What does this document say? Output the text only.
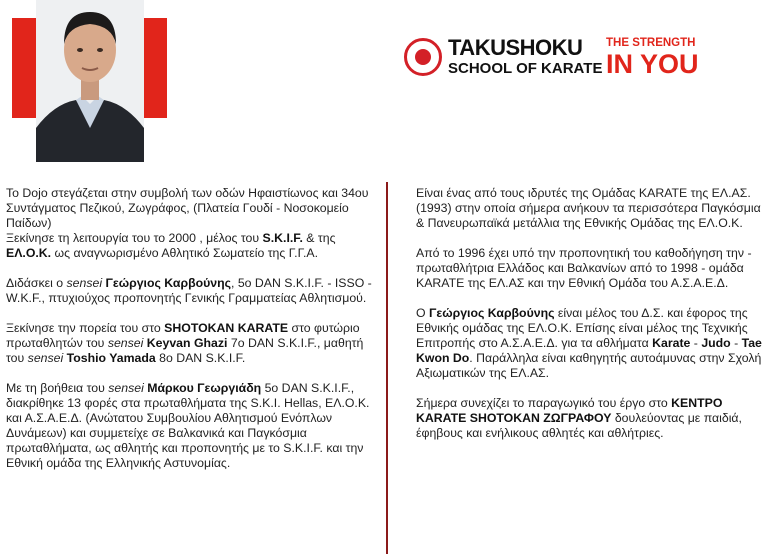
TAKUSHOKU
SCHOOL OF KARATE
THE STRENGTH
IN YOU

Το Dojo στεγάζεται στην συμβολή των οδών Ηφαιστίωνος και 34ου Συντάγματος Πεζικού, Ζωγράφος, (Πλατεία Γουδί - Νοσοκομείο Παίδων)
Ξεκίνησε τη λειτουργία του το 2000 , μέλος του S.K.I.F. & της ΕΛ.Ο.Κ. ως αναγνωρισμένο Αθλητικό Σωματείο της Γ.Γ.Α.

Διδάσκει ο sensei Γεώργιος Καρβούνης, 5ο DAN S.K.I.F. - ISSO - W.K.F., πτυχιούχος προπονητής Γενικής Γραμματείας Αθλητισμού.

Ξεκίνησε την πορεία του στο SHOTOKAN KARATE στο φυτώριο πρωταθλητών του sensei Keyvan Ghazi 7ο DAN S.K.I.F., μαθητή του sensei Toshio Yamada 8ο DAN S.K.I.F.

Με τη βοήθεια του sensei Μάρκου Γεωργιάδη 5ο DAN S.K.I.F., διακρίθηκε 13 φορές στα πρωταθλήματα της S.K.I. Hellas, ΕΛ.Ο.Κ. και Α.Σ.Α.Ε.Δ. (Ανώτατου Συμβουλίου Αθλητισμού Ενόπλων Δυνάμεων) και συμμετείχε σε Βαλκανικά και Παγκόσμια πρωταθλήματα, ως αθλητής και προπονητής με το S.K.I.F. και την Εθνική ομάδα της Ελληνικής Αστυνομίας.

Είναι ένας από τους ιδρυτές της Ομάδας KARATE της ΕΛ.ΑΣ. (1993) στην οποία σήμερα ανήκουν τα περισσότερα Παγκόσμια & Πανευρωπαϊκά μετάλλια της Εθνικής Ομάδας της ΕΛ.Ο.Κ.

Από το 1996 έχει υπό την προπονητική του καθοδήγηση την - πρωταθλήτρια Ελλάδος και Βαλκανίων από το 1998 - ομάδα KARATE της ΕΛ.ΑΣ και την Εθνική Ομάδα του Α.Σ.Α.Ε.Δ.

Ο Γεώργιος Καρβούνης είναι μέλος του Δ.Σ. και έφορος της Εθνικής ομάδας της ΕΛ.Ο.Κ. Επίσης είναι μέλος της Τεχνικής Επιτροπής στο Α.Σ.Α.Ε.Δ. για τα αθλήματα Karate - Judo - Tae Kwon Do. Παράλληλα είναι καθηγητής αυτοάμυνας στην Σχολή Αξιωματικών της ΕΛ.ΑΣ.

Σήμερα συνεχίζει το παραγωγικό του έργο στο ΚΕΝΤΡΟ KARATE SHOTOKAN ΖΩΓΡΑΦΟΥ δουλεύοντας με παιδιά, έφηβους και ενήλικους αθλητές και αθλήτριες.
